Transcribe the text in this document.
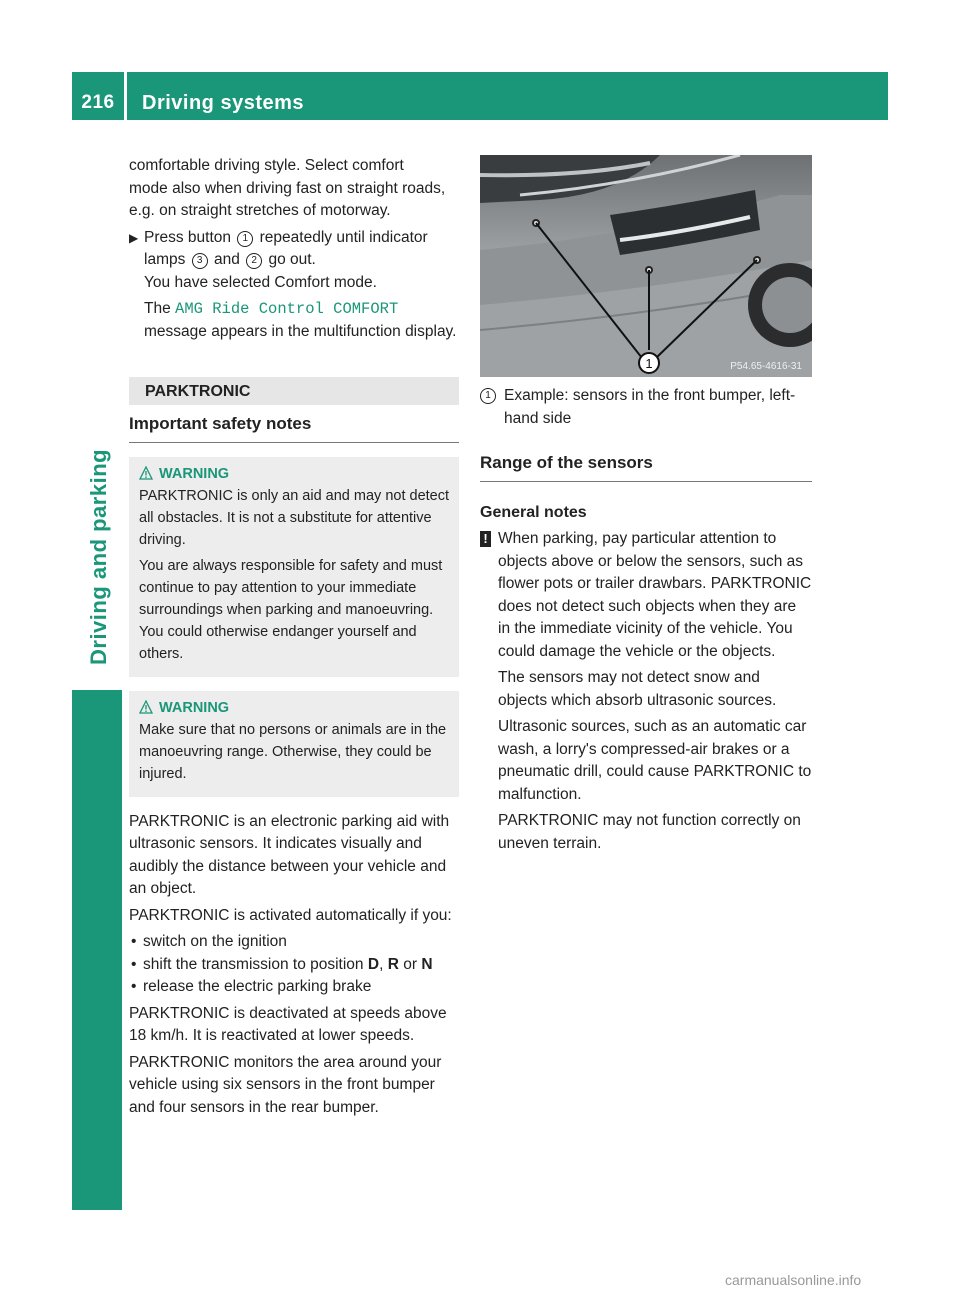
216	Driving systems
Driving and parking

comfortable driving style. Select comfort
mode also when driving fast on straight roads,
e.g. on straight stretches of motorway.

▶ Press button 1 repeatedly until indicator lamps 3 and 2 go out.

You have selected Comfort mode.

The AMG Ride Control COMFORT message appears in the multifunction display.

PARKTRONIC
Important safety notes
WARNING

PARKTRONIC is only an aid and may not detect all obstacles. It is not a substitute for attentive driving.

You are always responsible for safety and must continue to pay attention to your immediate surroundings when parking and manoeuvring. You could otherwise endanger yourself and others.

WARNING

Make sure that no persons or animals are in the manoeuvring range. Otherwise, they could be injured.

PARKTRONIC is an electronic parking aid with ultrasonic sensors. It indicates visually and audibly the distance between your vehicle and an object.

PARKTRONIC is activated automatically if you:

• switch on the ignition
• shift the transmission to position D, R or N
• release the electric parking brake

PARKTRONIC is deactivated at speeds above 18 km/h. It is reactivated at lower speeds.

PARKTRONIC monitors the area around your vehicle using six sensors in the front bumper and four sensors in the rear bumper.

1	P54.65-4616-31
1 Example: sensors in the front bumper, left-hand side
Range of the sensors
General notes
! When parking, pay particular attention to objects above or below the sensors, such as flower pots or trailer drawbars. PARKTRONIC does not detect such objects when they are in the immediate vicinity of the vehicle. You could damage the vehicle or the objects.

The sensors may not detect snow and objects which absorb ultrasonic sources.

Ultrasonic sources, such as an automatic car wash, a lorry's compressed-air brakes or a pneumatic drill, could cause PARKTRONIC to malfunction.

PARKTRONIC may not function correctly on uneven terrain.

carmanualsonline.info
